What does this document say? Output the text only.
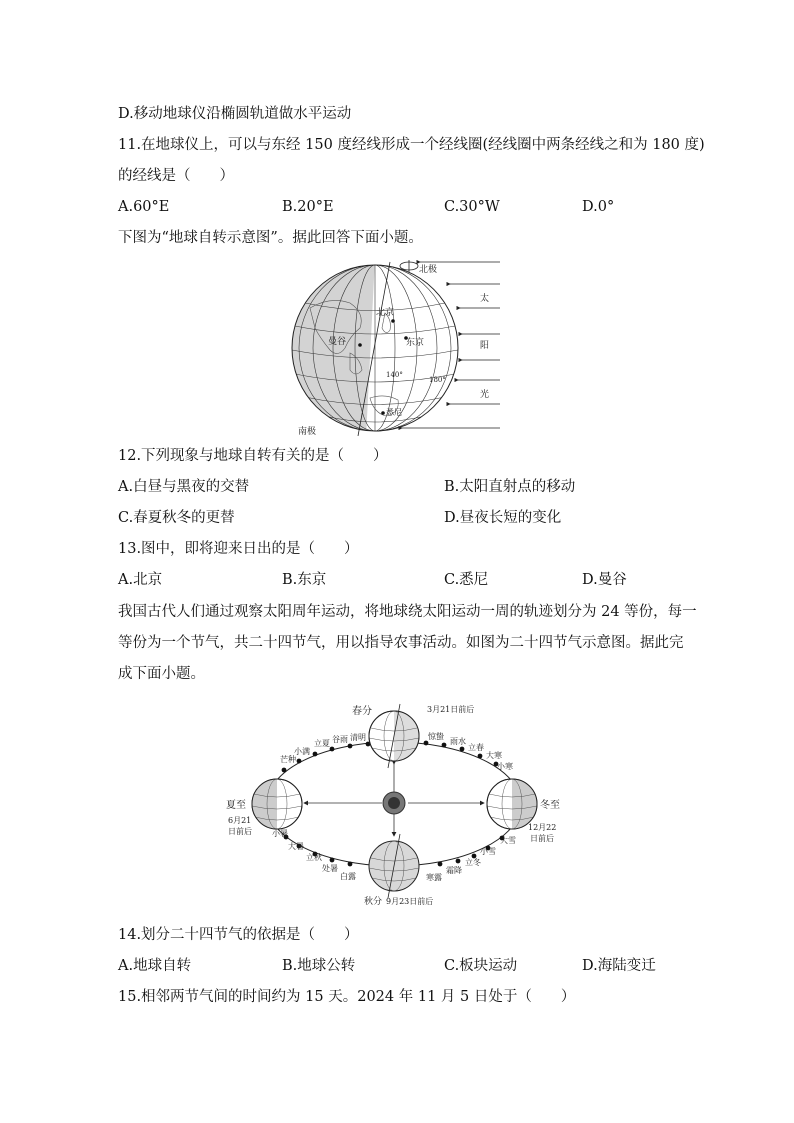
D.移动地球仪沿椭圆轨道做水平运动
11.在地球仪上，可以与东经 150 度经线形成一个经线圈(经线圈中两条经线之和为 180 度)
的经线是（　　）
A.60°E	B.20°E	C.30°W	D.0°
下图为“地球自转示意图”。据此回答下面小题。
北极
南极
北京
东京
曼谷
悉尼
140°
180°
太
阳
光
12.下列现象与地球自转有关的是（　　）
A.白昼与黑夜的交替	B.太阳直射点的移动
C.春夏秋冬的更替	D.昼夜长短的变化
13.图中，即将迎来日出的是（　　）
A.北京	B.东京	C.悉尼	D.曼谷
我国古代人们通过观察太阳周年运动，将地球绕太阳运动一周的轨迹划分为 24 等份，每一
等份为一个节气，共二十四节气，用以指导农事活动。如图为二十四节气示意图。据此完
成下面小题。
春分	3月21日前后
夏至
6月21
日前后
秋分 9月23日前后
冬至
12月22
日前后
清明
谷雨
立夏
小满
芒种
小暑
大暑
立秋
处暑
白露	寒露
霜降
立冬
小雪
大雪
小寒
大寒
立春
雨水
惊蛰
14.划分二十四节气的依据是（　　）
A.地球自转	B.地球公转	C.板块运动	D.海陆变迁
15.相邻两节气间的时间约为 15 天。2024 年 11 月 5 日处于（　　）
